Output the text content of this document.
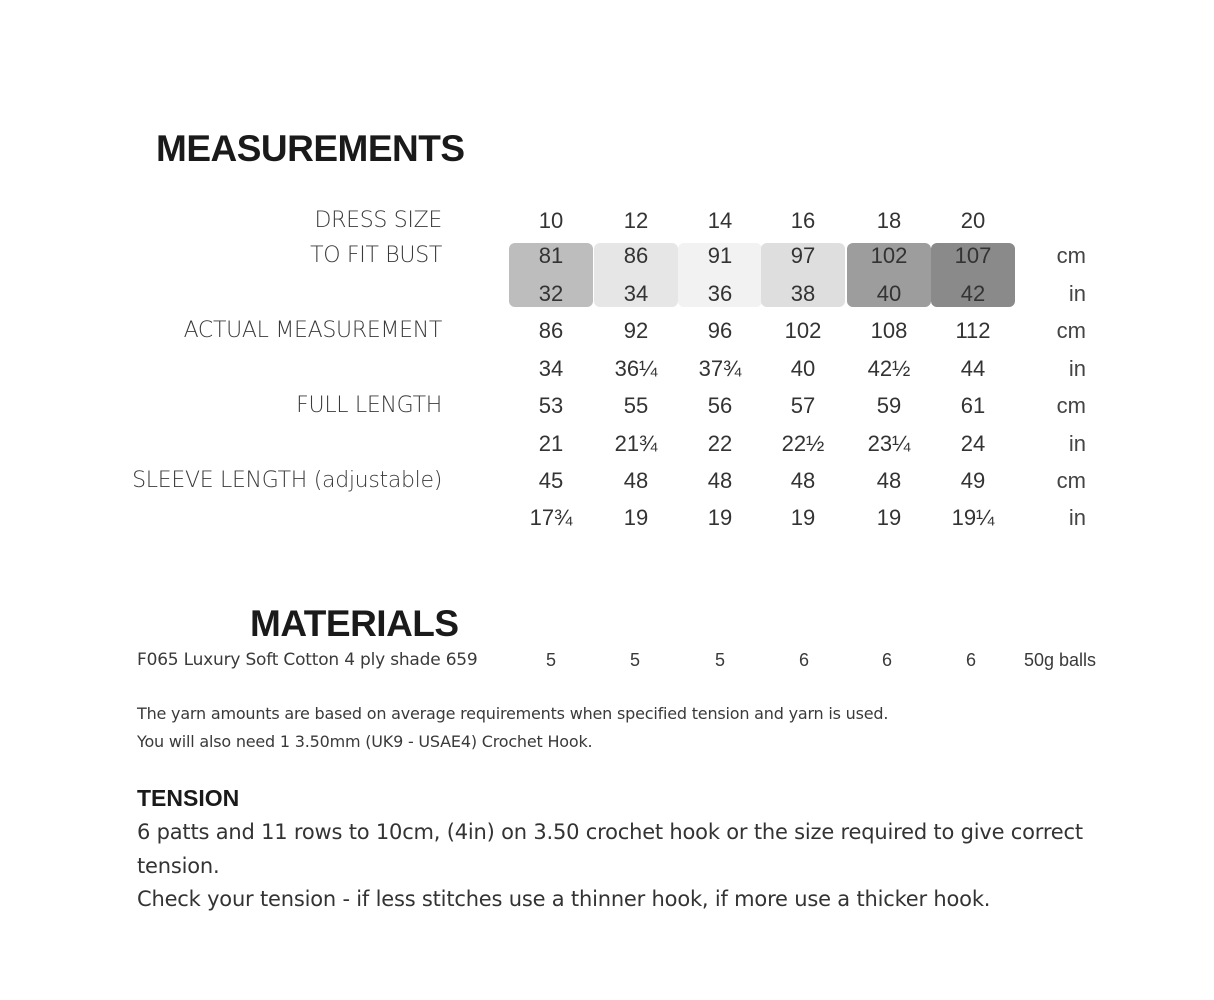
MEASUREMENTS
DRESS SIZE	10	12	14	16	18	20
TO FIT BUST	81	86	91	97	102	107	cm
32	34	36	38	40	42	in
ACTUAL MEASUREMENT	86	92	96	102	108	112	cm
34	36¼	37¾	40	42½	44	in
FULL LENGTH	53	55	56	57	59	61	cm
21	21¾	22	22½	23¼	24	in
SLEEVE LENGTH (adjustable)	45	48	48	48	48	49	cm
17¾	19	19	19	19	19¼	in
MATERIALS
F065 Luxury Soft Cotton 4 ply shade 659	5	5	5	6	6	6	50g balls
The yarn amounts are based on average requirements when specified tension and yarn is used.
You will also need 1 3.50mm (UK9 - USAE4) Crochet Hook.
TENSION
6 patts and 11 rows to 10cm, (4in) on 3.50 crochet hook or the size required to give correct
tension.
Check your tension - if less stitches use a thinner hook, if more use a thicker hook.
